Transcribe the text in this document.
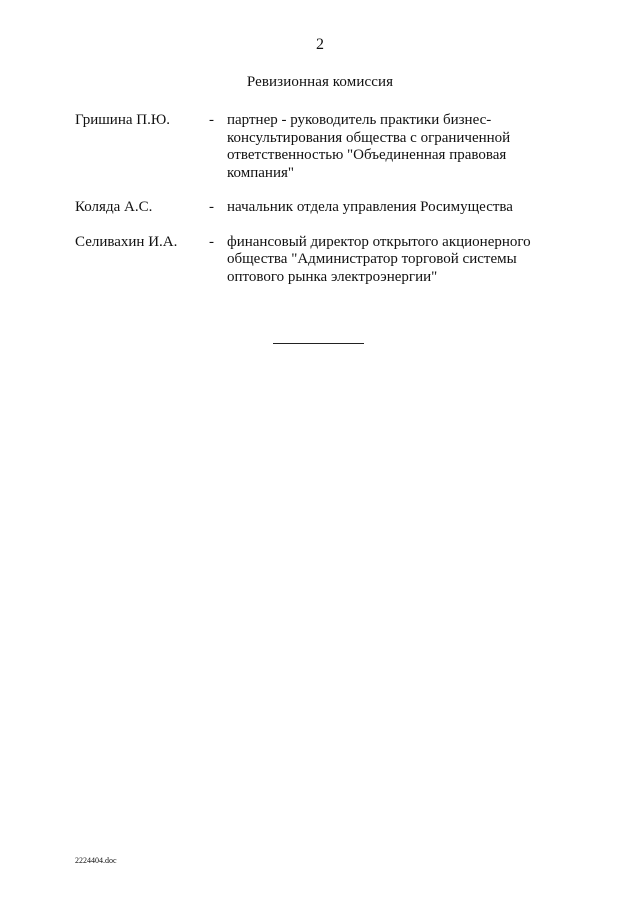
2
Ревизионная комиссия
Гришина П.Ю.	- партнер - руководитель практики бизнес-
консультирования общества с ограниченной
ответственностью "Объединенная правовая
компания"
Коляда А.С.	- начальник отдела управления Росимущества
Селивахин И.А. - финансовый директор открытого акционерного
общества "Администратор торговой системы
оптового рынка электроэнергии"
2224404.doc
